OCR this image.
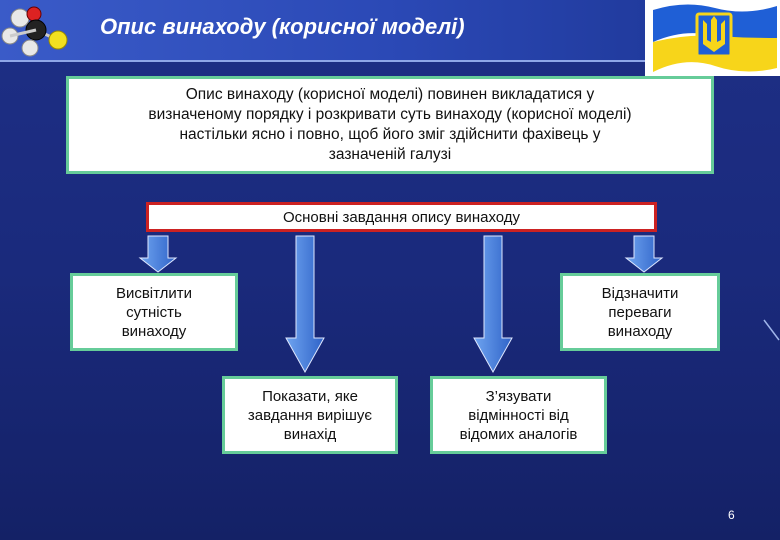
Опис винаходу (корисної моделі)
Опис винаходу (корисної моделі) повинен викладатися у
визначеному порядку і розкривати суть винаходу (корисної моделі)
настільки ясно і повно, щоб його зміг здійснити фахівець у
зазначеній галузі
Основні завдання опису винаходу
Висвітлити
сутність
винаходу
Відзначити
переваги
винаходу
Показати, яке
завдання вирішує
винахід
З’язувати
відмінності від
відомих аналогів
6
